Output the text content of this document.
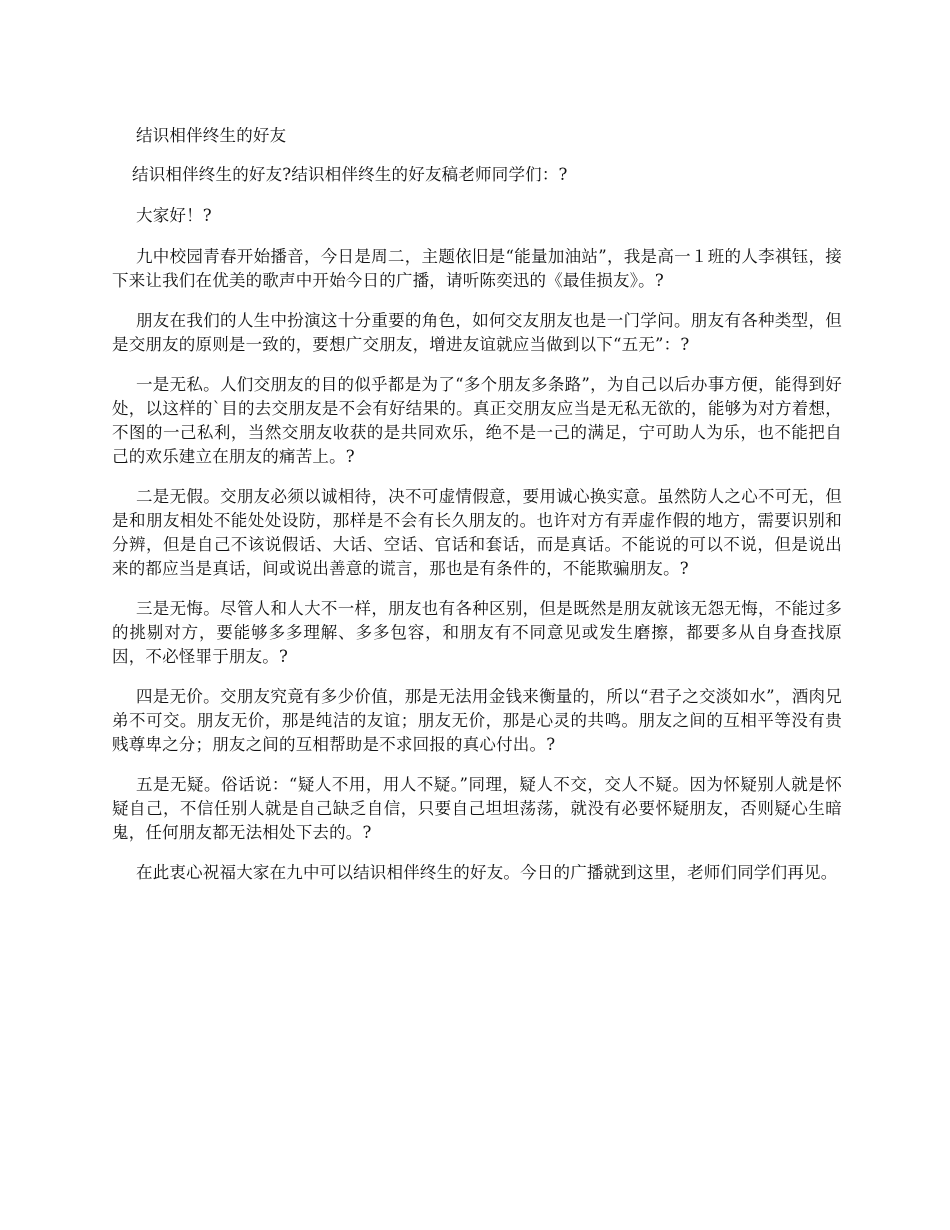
结识相伴终生的好友

结识相伴终生的好友?结识相伴终生的好友稿老师同学们：?

大家好！?

九中校园青春开始播音，今日是周二，主题依旧是“能量加油站”，我是高一１班的人李祺钰，接下来让我们在优美的歌声中开始今日的广播，请听陈奕迅的《最佳损友》。?

朋友在我们的人生中扮演这十分重要的角色，如何交友朋友也是一门学问。朋友有各种类型，但是交朋友的原则是一致的，要想广交朋友，增进友谊就应当做到以下“五无”：?

一是无私。人们交朋友的目的似乎都是为了“多个朋友多条路”，为自己以后办事方便，能得到好处，以这样的`目的去交朋友是不会有好结果的。真正交朋友应当是无私无欲的，能够为对方着想，不图的一己私利，当然交朋友收获的是共同欢乐，绝不是一己的满足，宁可助人为乐，也不能把自己的欢乐建立在朋友的痛苦上。?

二是无假。交朋友必须以诚相待，决不可虚情假意，要用诚心换实意。虽然防人之心不可无，但是和朋友相处不能处处设防，那样是不会有长久朋友的。也许对方有弄虚作假的地方，需要识别和分辨，但是自己不该说假话、大话、空话、官话和套话，而是真话。不能说的可以不说，但是说出来的都应当是真话，间或说出善意的谎言，那也是有条件的，不能欺骗朋友。?

三是无悔。尽管人和人大不一样，朋友也有各种区别，但是既然是朋友就该无怨无悔，不能过多的挑剔对方，要能够多多理解、多多包容，和朋友有不同意见或发生磨擦，都要多从自身查找原因，不必怪罪于朋友。?

四是无价。交朋友究竟有多少价值，那是无法用金钱来衡量的，所以“君子之交淡如水”，酒肉兄弟不可交。朋友无价，那是纯洁的友谊；朋友无价，那是心灵的共鸣。朋友之间的互相平等没有贵贱尊卑之分；朋友之间的互相帮助是不求回报的真心付出。?

五是无疑。俗话说：“疑人不用，用人不疑。”同理，疑人不交，交人不疑。因为怀疑别人就是怀疑自己，不信任别人就是自己缺乏自信，只要自己坦坦荡荡，就没有必要怀疑朋友，否则疑心生暗鬼，任何朋友都无法相处下去的。?

在此衷心祝福大家在九中可以结识相伴终生的好友。今日的广播就到这里，老师们同学们再见。
